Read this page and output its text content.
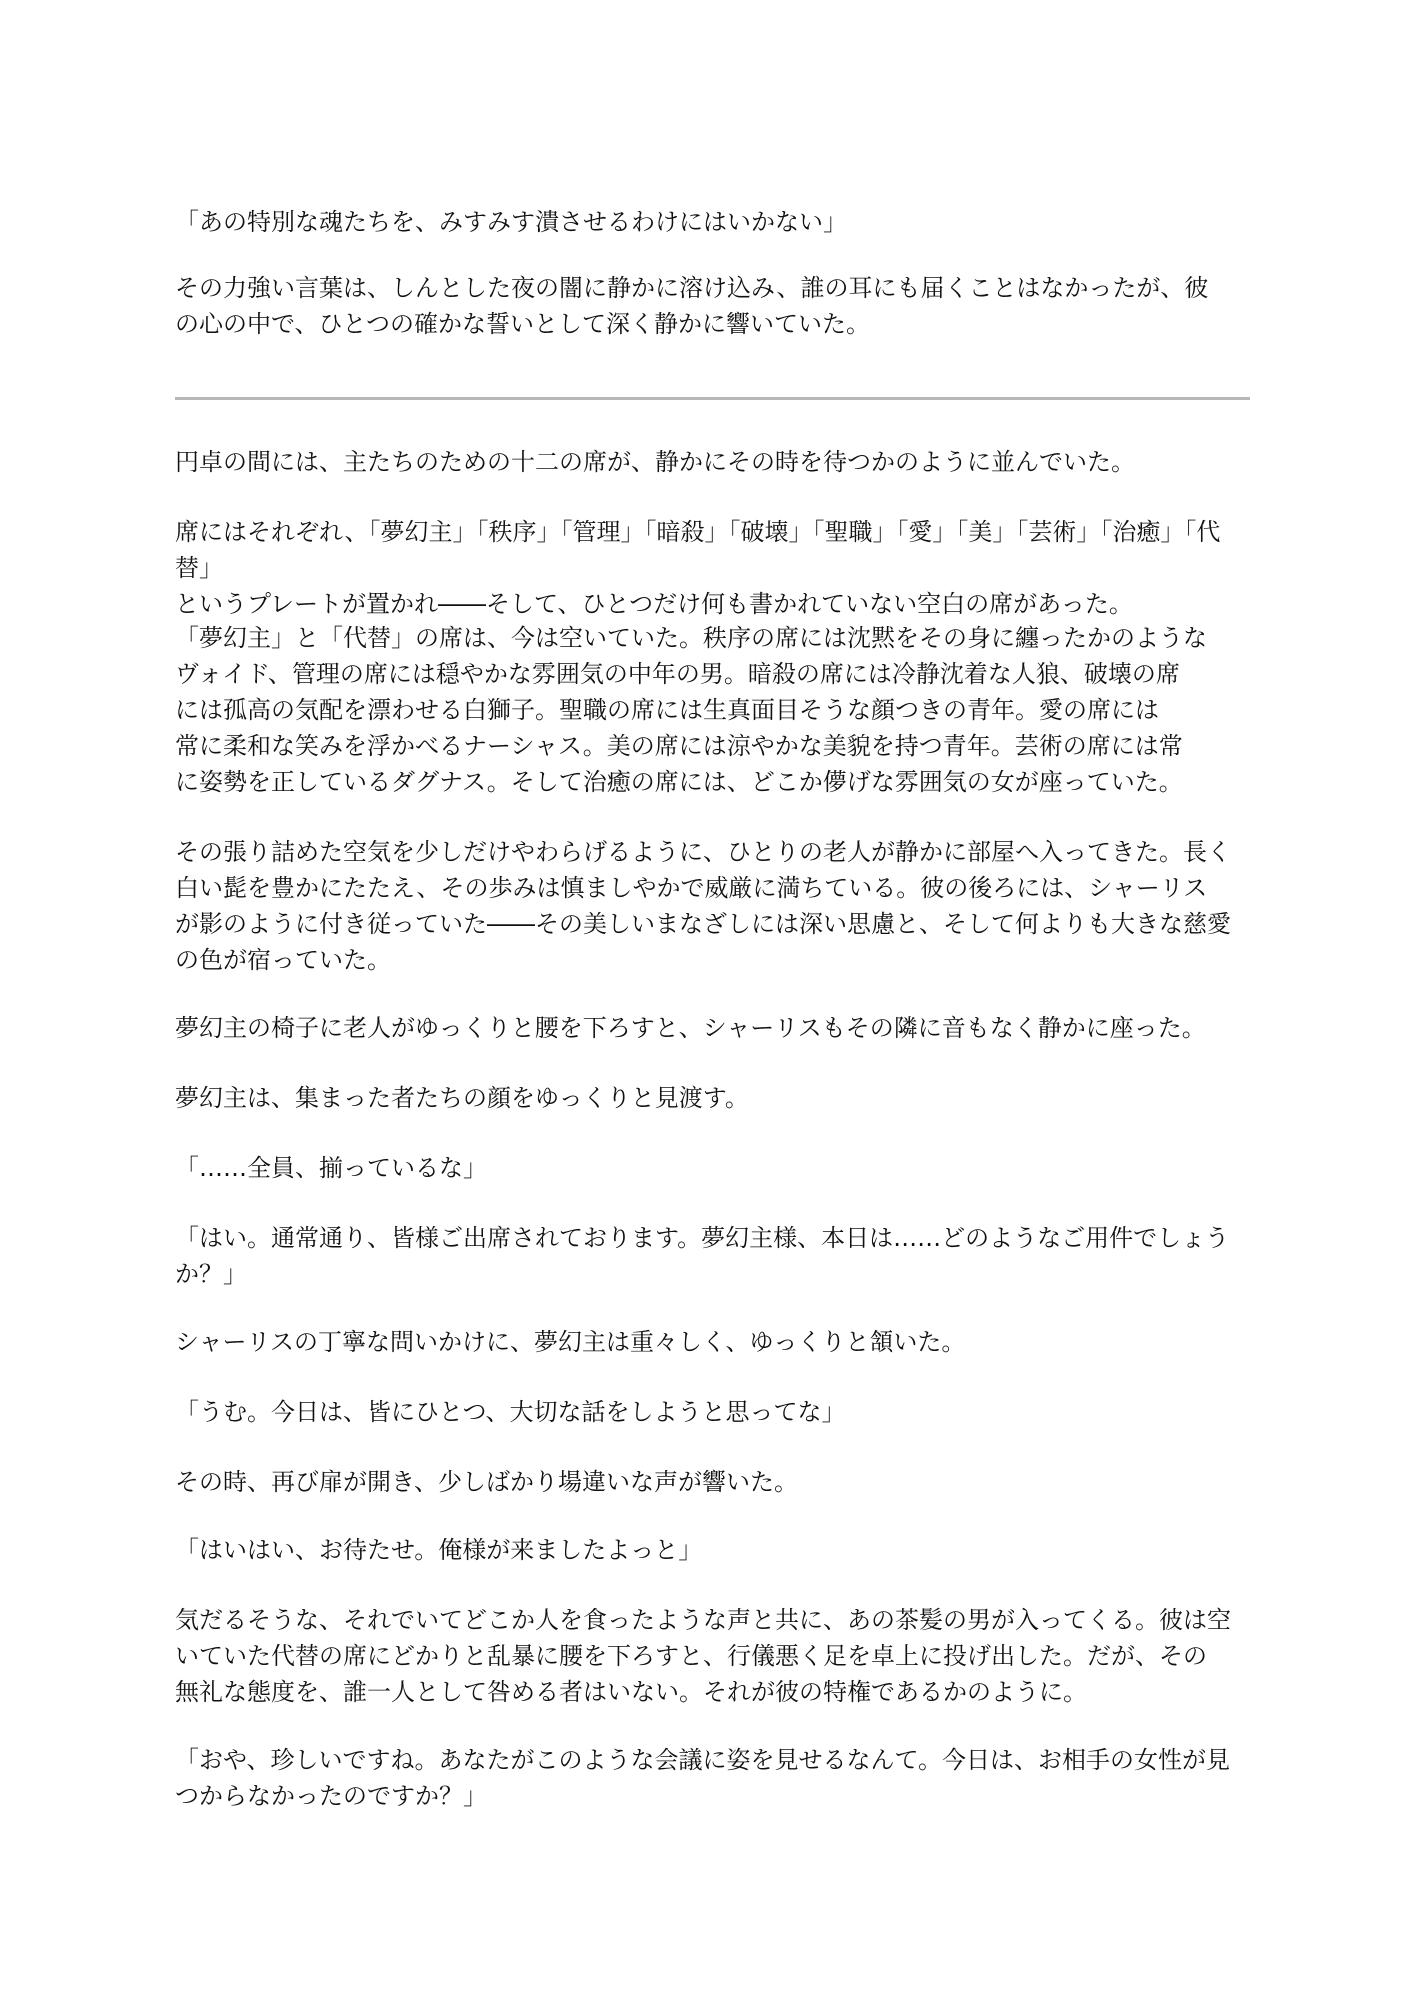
「あの特別な魂たちを、みすみす潰させるわけにはいかない」

その力強い言葉は、しんとした夜の闇に静かに溶け込み、誰の耳にも届くことはなかったが、彼
の心の中で、ひとつの確かな誓いとして深く静かに響いていた。

円卓の間には、主たちのための十二の席が、静かにその時を待つかのように並んでいた。

席にはそれぞれ、「夢幻主」「秩序」「管理」「暗殺」「破壊」「聖職」「愛」「美」「芸術」「治癒」「代替」
というプレートが置かれ――そして、ひとつだけ何も書かれていない空白の席があった。

「夢幻主」と「代替」の席は、今は空いていた。秩序の席には沈黙をその身に纏ったかのような
ヴォイド、管理の席には穏やかな雰囲気の中年の男。暗殺の席には冷静沈着な人狼、破壊の席
には孤高の気配を漂わせる白獅子。聖職の席には生真面目そうな顔つきの青年。愛の席には
常に柔和な笑みを浮かべるナーシャス。美の席には涼やかな美貌を持つ青年。芸術の席には常
に姿勢を正しているダグナス。そして治癒の席には、どこか儚げな雰囲気の女が座っていた。

その張り詰めた空気を少しだけやわらげるように、ひとりの老人が静かに部屋へ入ってきた。長く
白い髭を豊かにたたえ、その歩みは慎ましやかで威厳に満ちている。彼の後ろには、シャーリス
が影のように付き従っていた――その美しいまなざしには深い思慮と、そして何よりも大きな慈愛
の色が宿っていた。

夢幻主の椅子に老人がゆっくりと腰を下ろすと、シャーリスもその隣に音もなく静かに座った。

夢幻主は、集まった者たちの顔をゆっくりと見渡す。

「……全員、揃っているな」

「はい。通常通り、皆様ご出席されております。夢幻主様、本日は……どのようなご用件でしょう
か？」

シャーリスの丁寧な問いかけに、夢幻主は重々しく、ゆっくりと頷いた。

「うむ。今日は、皆にひとつ、大切な話をしようと思ってな」

その時、再び扉が開き、少しばかり場違いな声が響いた。

「はいはい、お待たせ。俺様が来ましたよっと」

気だるそうな、それでいてどこか人を食ったような声と共に、あの茶髪の男が入ってくる。彼は空
いていた代替の席にどかりと乱暴に腰を下ろすと、行儀悪く足を卓上に投げ出した。だが、その
無礼な態度を、誰一人として咎める者はいない。それが彼の特権であるかのように。

「おや、珍しいですね。あなたがこのような会議に姿を見せるなんて。今日は、お相手の女性が見
つからなかったのですか？」
